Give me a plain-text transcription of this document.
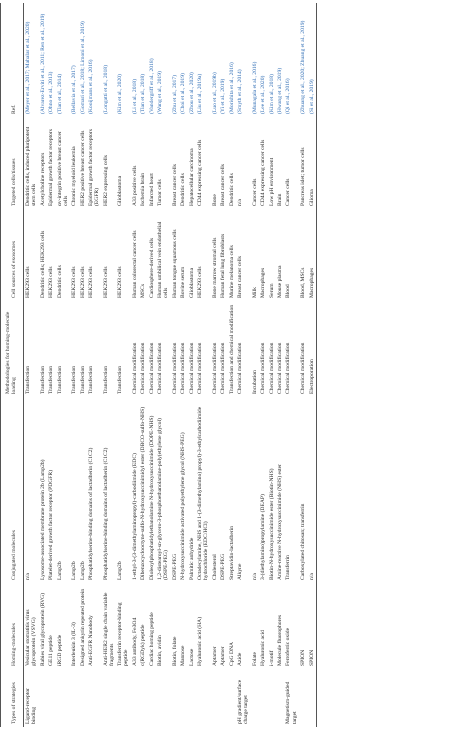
Types of strategies	Homing-molecules	Conjugated molecules	Methodologies for homing-molecule loading	Cell sources of exosomes	Targeted cells/tissues	Ref.
Ligand-receptor binding	Vesicular stomatitis virus glycoprotein (VSVG)	n/a	Transfection	HEK293 cells	Dendritic cells, induced pluripotent stem cells	(Meyer et al., 2017; Mahalar et al., 2020)
	Rabies viral glycoprotein (RVG)	Lysosome-associated membrane protein 2b (Lamp2b)	Transfection	Dendritic cells; HEK293 cells	Acetylcholine receptors	(Alvarez-Erviti et al., 2011; Ren et al., 2019)
	GE11 peptide	Platelet-derived growth factor receptor (PDGFR)	Transfection	HEK293 cells	Epidermal growth factor receptors	(Ohno et al., 2013)
	iRGD peptide	Lamp2b	Transfection	Dendritic cells	αv-integrin positive breast cancer cells	(Tian et al., 2014)
	Interleukin 3 (IL-3)	Lamp2b	Transfection	HEK293 cells	Chronic myeloid leukemia	(Bellavia et al., 2017)
	Designed ankyrin repeated protein	Lamp2b	Transfection	HEK293 cells	HER2 positive breast cancer cells	(Gomari et al., 2018; Limoni et al., 2019)
	Anti-EGFR Nanobody	Phosphatidylserine-binding domains of lactadherin (C1C2)	Transfection	HEK293 cells	Epidermal growth factor receptors (EGFR)	(Kooijmans et al., 2016)
	Anti-HER2 single chain variable fragments	Phosphatidylserine-binding domains of lactadherin (C1C2)	Transfection	HEK293 cells	HER2 expressing cells	(Longatti et al., 2018)
	Transferrin receptor-binding peptide	Lamp2b	Transfection	HEK293 cells	Glioblastoma	(Kim et al., 2020)
	A33 antibody, Fe3O4	1-ethyl-3-(3-dimethylaminopropyl)-carbodiimide (EDC)	Chemical modification	Human colorectal cancer cells	A33 positive cells	(Li et al., 2018)
	c(RGDyk) peptide	Dibenzocyclooctyne-sulfo-N-hydroxysuccinimidyl ester (DBCO-sulfo-NHS)	Chemical modification	MSCs	Ischemia brain	(Tian et al., 2018)
	Cardiac homing peptide	Dioleoylphosphatidylethanolamine N-hydroxysuccinimide (DOPE-NHS)	Chemical modification	Cardiosphere-derived cells	Infarcted heart	(Vandergriff et al., 2018)
	Biotin, avidin	1,2-distearoyl-sn-glycero-3-phosphoethanolamine-poly(ethylene glycol) (DSPE-PEG)	Chemical modification	Human umbilical vein endothelial cells	Tumor cells	(Wang et al., 2019)
	Biotin, folate	DSPE-PEG	Chemical modification	Human tongue squamous cells	Breast cancer cells	(Zhu et al., 2017)
	Mannose	N-hydroxysuccinimide activated polyethylene glycol (NHS-PEG)	Chemical modification	Bovine serum	Dendritic cells	(Choi et al., 2019)
	Lactose	Palmitic anhydride	Chemical modification	Glioblastoma	Hepatocellular carcinoma	(Zhou et al., 2020)
	Hyaluronic acid (HA)	Octadecylamine, NHS and 1-(3-dimethylamino) propyl)-3-ethylcarbodiimide hydrochloride (EDC/HCl)	Chemical modification	HEK293 cells	CD44 expressing cancer cells	(Liu et al., 2019a)
	Aptamer	Cholesterol	Chemical modification	Bone marrow stromal cells	Bone	(Luo et al., 2019b)
	Aptamer	DSPE-PEG	Chemical modification	Human fetal lung fibroblasts	Breast cancer cells	(Yi et al., 2019)
	CpG DNA	Streptavidin-lactadherin	Transfection and chemical modification	Murine melanoma cells	Dendritic cells	(Morishita et al., 2016)
pH gradient/surface charge target	Azide	Alkyne	Chemical modification	Breast cancer cells	n/a	(Smyth et al., 2014)
	Folate	n/a	Incubation	Milk	Cancer cells	(Munagala et al., 2016)
	Hyaluronic acid	3-(diethylamino)propylamine (DEAP)	Chemical modification	Macrophages	CD44 expressing cancer cells	(Lee et al., 2020)
	i-motif	Biotin-N-hydroxysuccinimide ester (Biotin-NHS)	Chemical modification	Serum	Low pH environment	(Kim et al., 2018)
	Molecule fluorophores	Amine-reactive N-hydroxysuccinimide (NHS) ester	Chemical modification	Mouse plasma	Brain	(Hwang et al., 2019)
Magnetism-guided target	Ferroferric oxide	Transferrin	Chemical modification	Blood	Cancer cells	(Qi et al., 2016)
	SPION	Carboxylated chitosan; transferrin	Chemical modification	Blood, MSCs	Pancreas islet; tumor cells	(Zhuang et al., 2020; Zhuang et al., 2019)
	SPION	n/a	Electroporation	Macrophages	Glioma	(Si et al., 2019)
